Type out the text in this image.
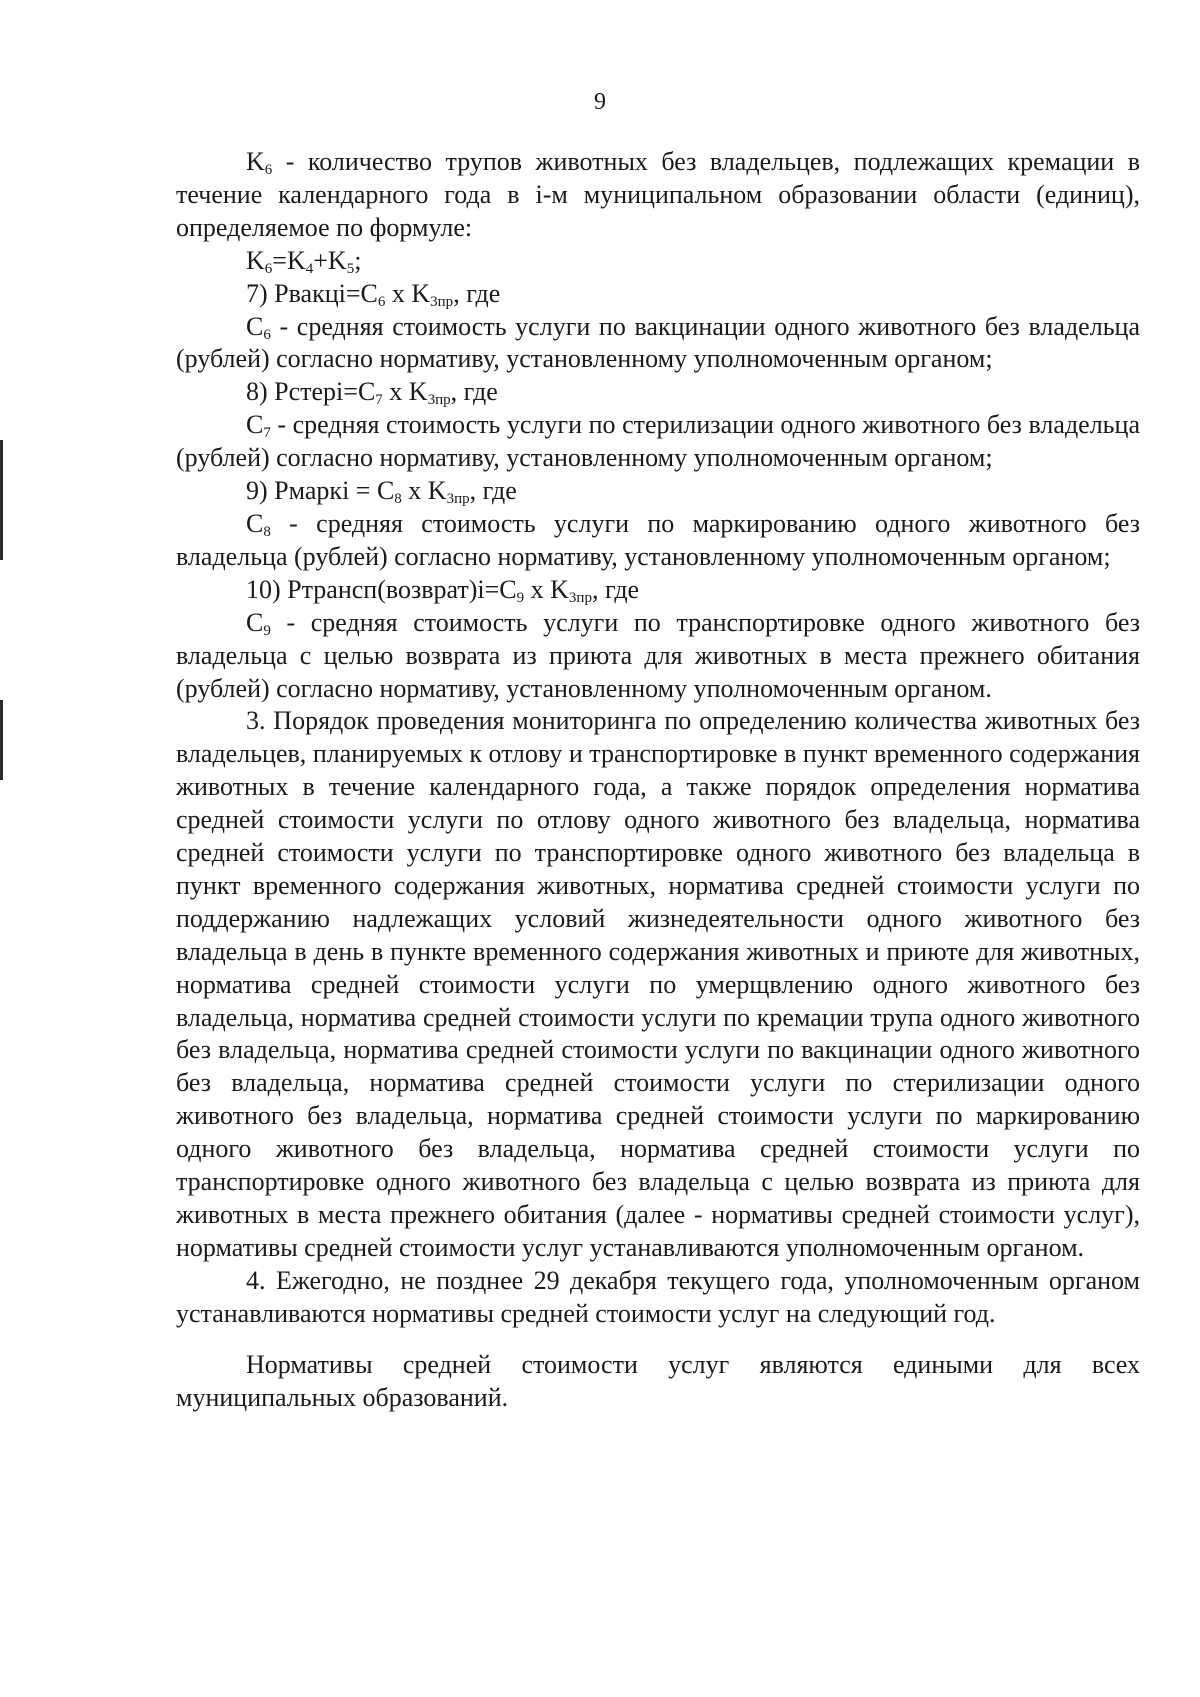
9

$K_6$ - количество трупов животных без владельцев, подлежащих кремации в течение календарного года в i-м муниципальном образовании области (единиц), определяемое по формуле:

$K_6=K_4+K_5$;

7) $Рвакцi=С_6$ х $K_{3пр}$, где

$С_6$ - средняя стоимость услуги по вакцинации одного животного без владельца (рублей) согласно нормативу, установленному уполномоченным органом;

8) $Рстерi=С_7$ х $K_{3пр}$, где

$С_7$ - средняя стоимость услуги по стерилизации одного животного без владельца (рублей) согласно нормативу, установленному уполномоченным органом;

9) Рмаркi = $С_8$ х $K_{3пр}$, где

$С_8$ - средняя стоимость услуги по маркированию одного животного без владельца (рублей) согласно нормативу, установленному уполномоченным органом;

10) $Ртрансп(возврат)i=С_9$ х $K_{3пр}$, где

$С_9$ - средняя стоимость услуги по транспортировке одного животного без владельца с целью возврата из приюта для животных в места прежнего обитания (рублей) согласно нормативу, установленному уполномоченным органом.

3. Порядок проведения мониторинга по определению количества животных без владельцев, планируемых к отлову и транспортировке в пункт временного содержания животных в течение календарного года, а также порядок определения норматива средней стоимости услуги по отлову одного животного без владельца, норматива средней стоимости услуги по транспортировке одного животного без владельца в пункт временного содержания животных, норматива средней стоимости услуги по поддержанию надлежащих условий жизнедеятельности одного животного без владельца в день в пункте временного содержания животных и приюте для животных, норматива средней стоимости услуги по умерщвлению одного животного без владельца, норматива средней стоимости услуги по кремации трупа одного животного без владельца, норматива средней стоимости услуги по вакцинации одного животного без владельца, норматива средней стоимости услуги по стерилизации одного животного без владельца, норматива средней стоимости услуги по маркированию одного животного без владельца, норматива средней стоимости услуги по транспортировке одного животного без владельца с целью возврата из приюта для животных в места прежнего обитания (далее - нормативы средней стоимости услуг), нормативы средней стоимости услуг устанавливаются уполномоченным органом.

4. Ежегодно, не позднее 29 декабря текущего года, уполномоченным органом устанавливаются нормативы средней стоимости услуг на следующий год.

Нормативы средней стоимости услуг являются едиными для всех муниципальных образований.
